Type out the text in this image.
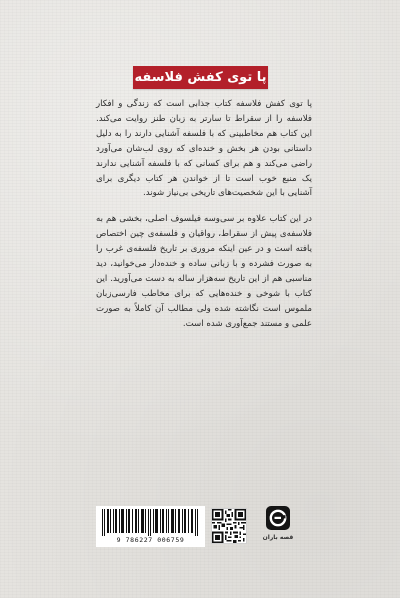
پا توی کفش فلاسفه

پا توی کفش فلاسفه کتاب جذابی است که زندگی و افکار فلاسفه را از سقراط تا سارتر به زبان طنز روایت می‌کند. این کتاب هم مخاطبینی که با فلسفه آشنایی دارند را به دلیل داستانی بودن هر بخش و خنده‌ای که روی لب‌شان می‌آورد راضی می‌کند و هم برای کسانی که با فلسفه آشنایی ندارند یک منبع خوب است تا از خواندن هر کتاب دیگری برای آشنایی با این شخصیت‌های تاریخی بی‌نیاز شوند.

در این کتاب علاوه بر سی‌وسه فیلسوف اصلی، بخشی هم به فلاسفه‌ی پیش از سقراط، رواقیان و فلسفه‌ی چین اختصاص یافته است و در عین اینکه مروری بر تاریخ فلسفه‌ی غرب را به صورت فشرده و با زبانی ساده و خنده‌دار می‌خوانید، دید مناسبی هم از این تاریخ سه‌هزار ساله به دست می‌آورید. این کتاب با شوخی و خنده‌هایی که برای مخاطب فارسی‌زبان ملموس است نگاشته شده ولی مطالب آن کاملاً به صورت علمی و مستند جمع‌آوری شده است.

9 786227 006759	قصه باران
